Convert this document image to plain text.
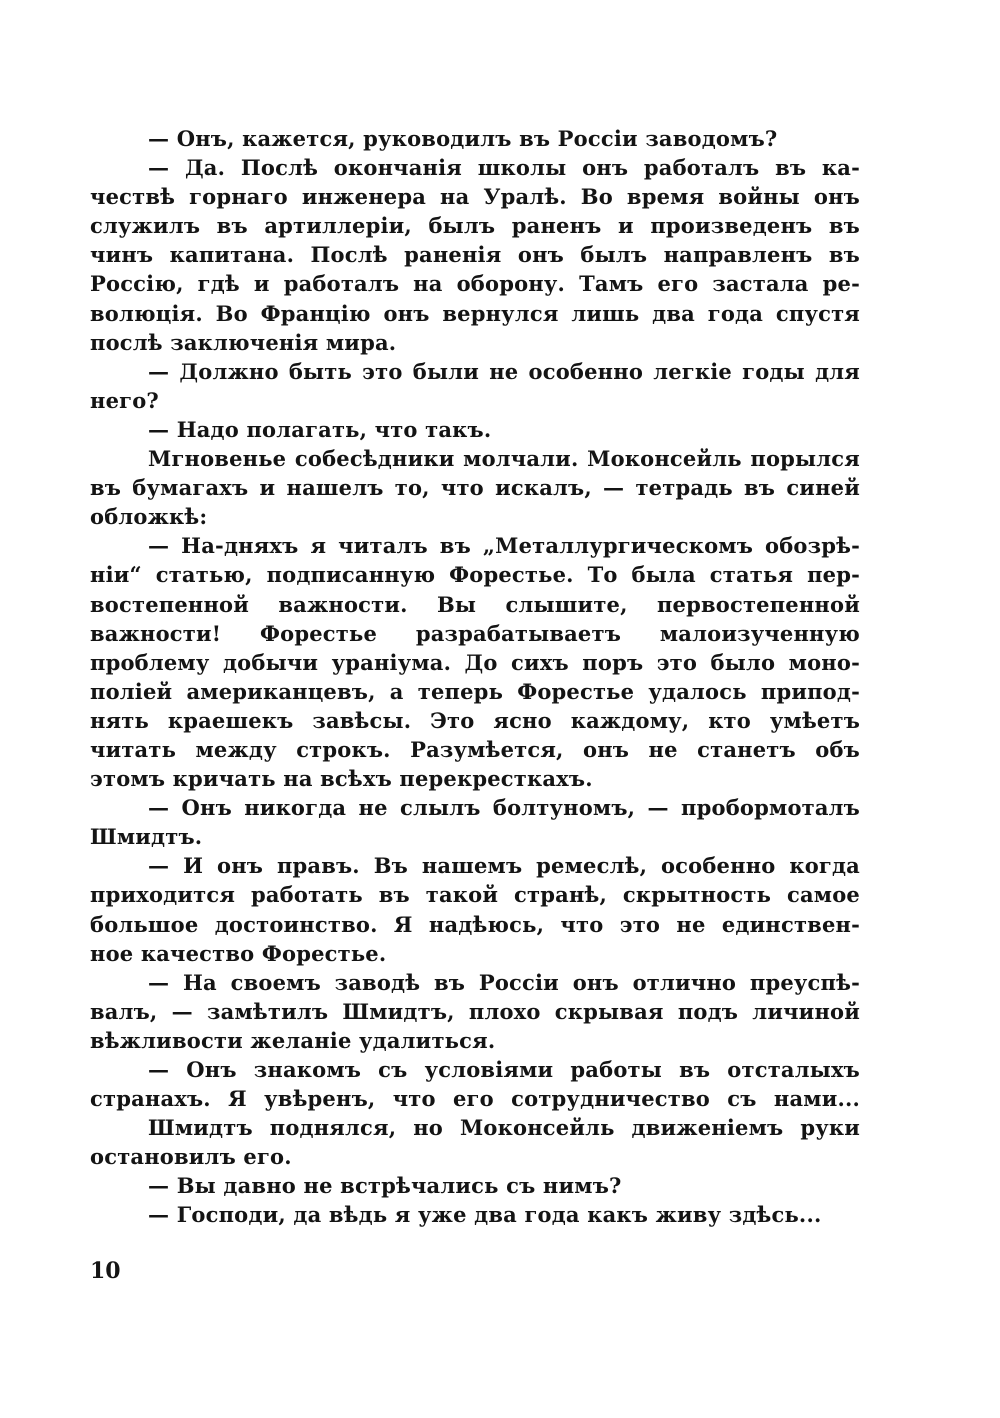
— Онъ, кажется, руководилъ въ Россіи заводомъ?
— Да. Послѣ окончанія школы онъ работалъ въ ка-
чествѣ горнаго инженера на Уралѣ. Во время войны онъ
служилъ въ артиллеріи, былъ раненъ и произведенъ въ
чинъ капитана. Послѣ раненія онъ былъ направленъ въ
Россію, гдѣ и работалъ на оборону. Тамъ его застала ре-
волюція. Во Францію онъ вернулся лишь два года спустя
послѣ заключенія мира.
— Должно быть это были не особенно легкіе годы для
него?
— Надо полагать, что такъ.
Мгновенье собесѣдники молчали. Моконсейль порылся
въ бумагахъ и нашелъ то, что искалъ, — тетрадь въ синей
обложкѣ:
— На-дняхъ я читалъ въ „Металлургическомъ обозрѣ-
ніи“ статью, подписанную Форестье. То была статья пер-
востепенной важности. Вы слышите, первостепенной
важности! Форестье разрабатываетъ малоизученную
проблему добычи ураніума. До сихъ поръ это было моно-
поліей американцевъ, а теперь Форестье удалось припод-
нять краешекъ завѣсы. Это ясно каждому, кто умѣетъ
читать между строкъ. Разумѣется, онъ не станетъ объ
этомъ кричать на всѣхъ перекресткахъ.
— Онъ никогда не слылъ болтуномъ, — пробормоталъ
Шмидтъ.
— И онъ правъ. Въ нашемъ ремеслѣ, особенно когда
приходится работать въ такой странѣ, скрытность самое
большое достоинство. Я надѣюсь, что это не единствен-
ное качество Форестье.
— На своемъ заводѣ въ Россіи онъ отлично преуспѣ-
валъ, — замѣтилъ Шмидтъ, плохо скрывая подъ личиной
вѣжливости желаніе удалиться.
— Онъ знакомъ съ условіями работы въ отсталыхъ
странахъ. Я увѣренъ, что его сотрудничество съ нами...
Шмидтъ поднялся, но Моконсейль движеніемъ руки
остановилъ его.
— Вы давно не встрѣчались съ нимъ?
— Господи, да вѣдь я уже два года какъ живу здѣсь...
10
